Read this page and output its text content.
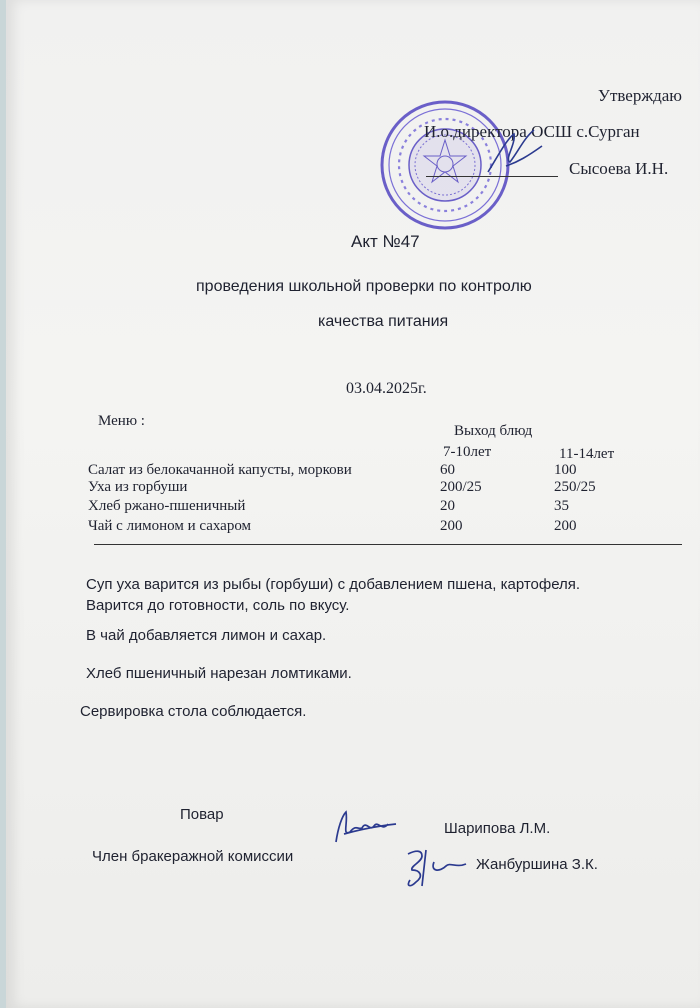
Утверждаю
И.о.директора ОСШ с.Сурган
Сысоева И.Н.
Акт №47
проведения школьной проверки по контролю
качества питания
03.04.2025г.
Меню :
Выход блюд
7-10лет	11-14лет
Салат из белокачанной капусты, моркови	60	100
Уха из горбуши	200/25	250/25
Хлеб ржано-пшеничный	20	35
Чай с лимоном и сахаром	200	200
Суп уха варится из рыбы (горбуши) с добавлением пшена, картофеля.
Варится до готовности, соль по вкусу.
В чай добавляется лимон и сахар.
Хлеб пшеничный нарезан ломтиками.
Сервировка стола соблюдается.
Повар
Шарипова Л.М.
Член бракеражной комиссии	Жанбуршина З.К.
